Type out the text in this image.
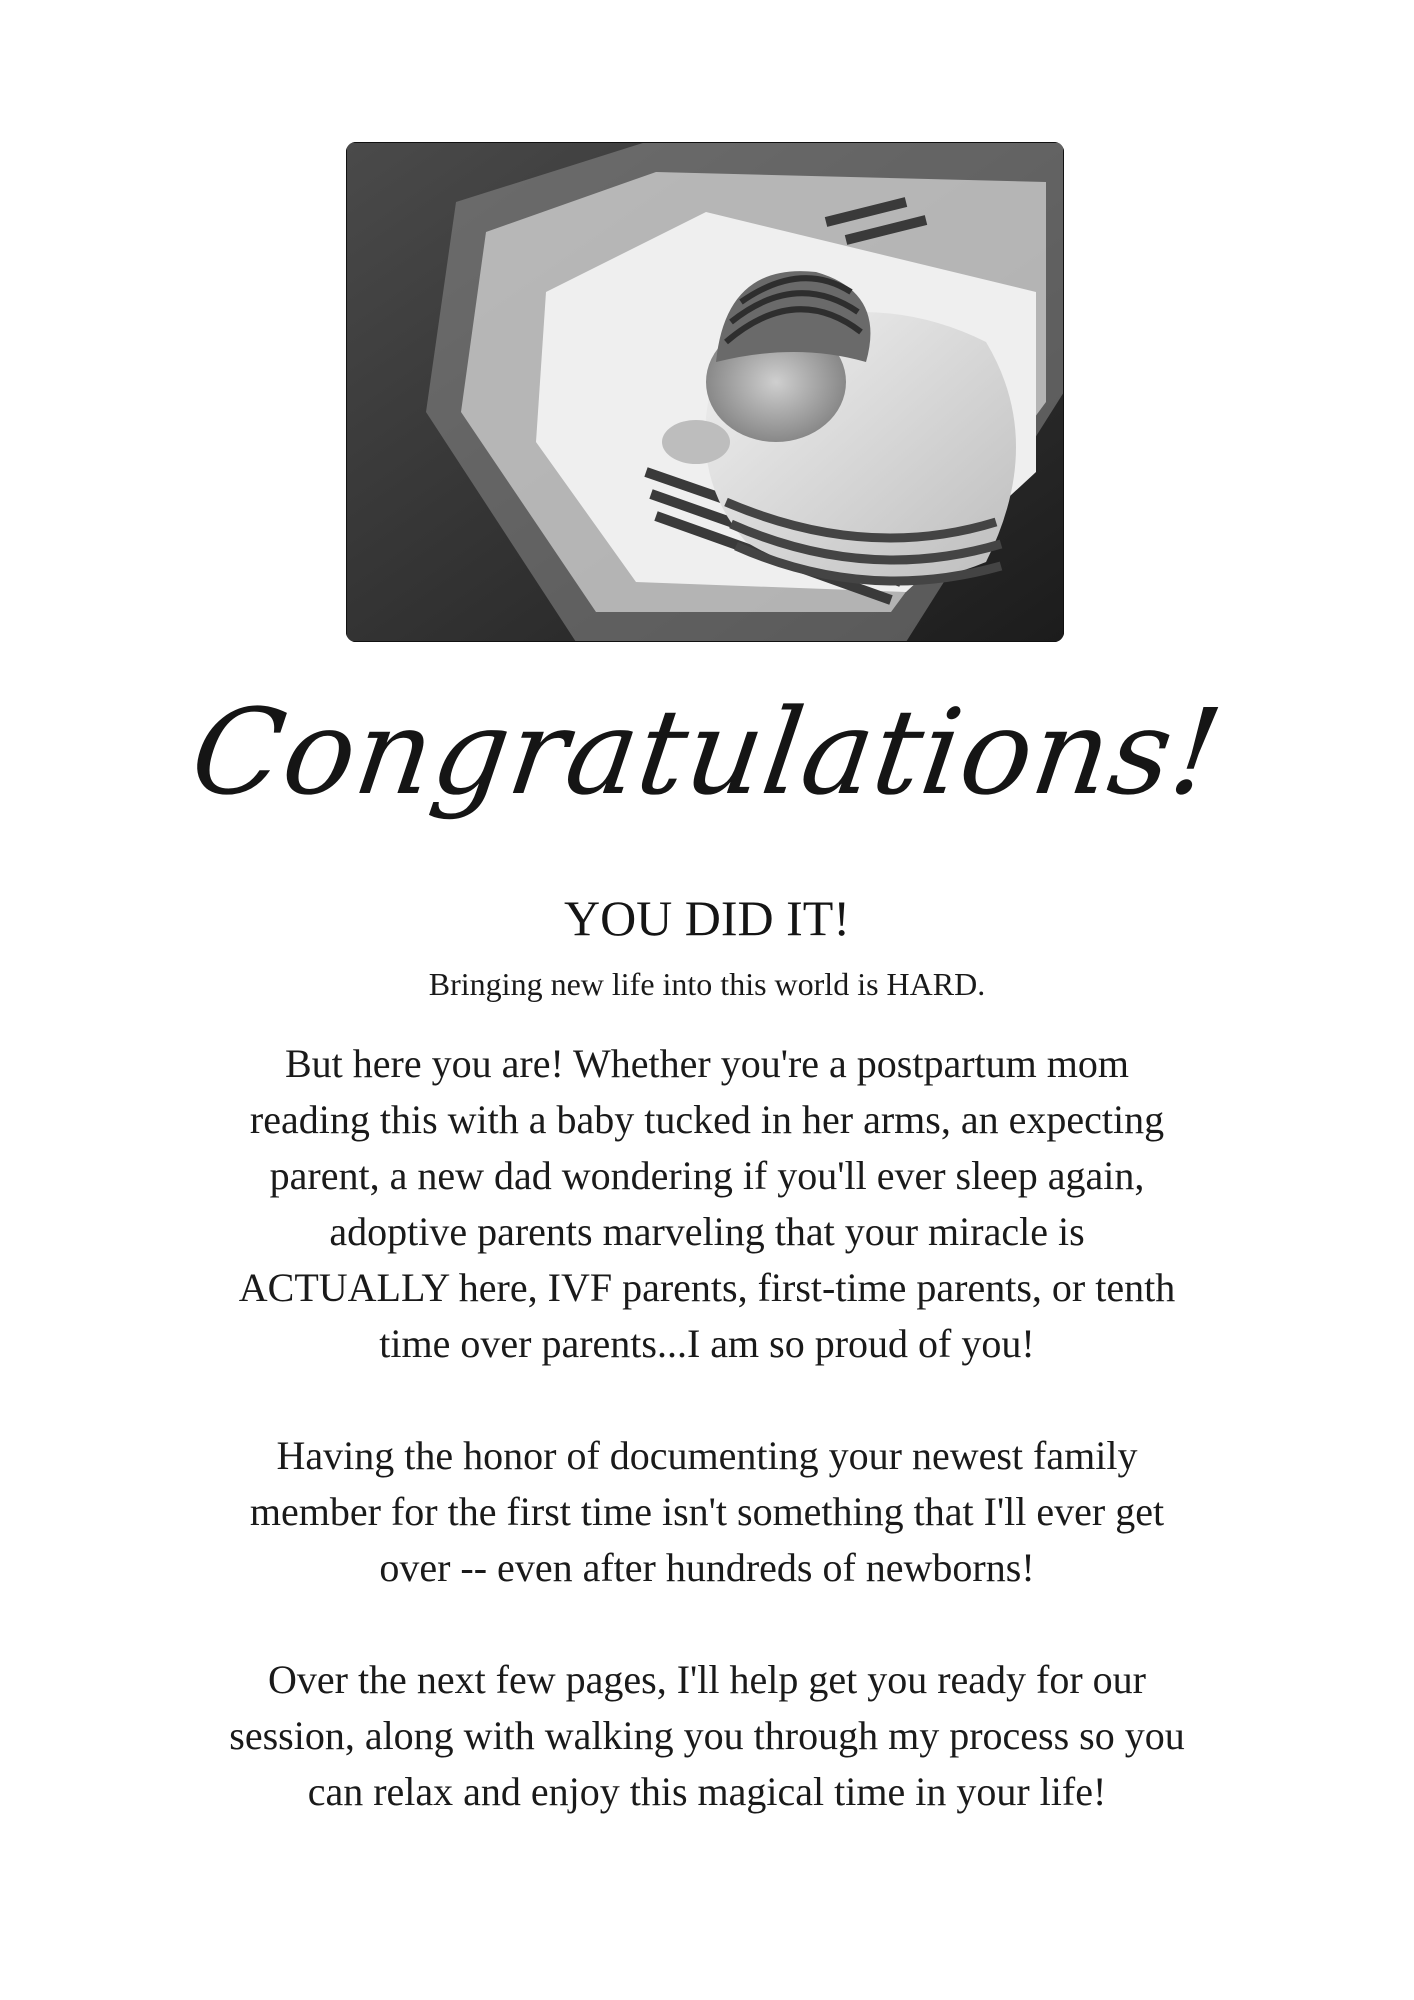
Congratulations!
YOU DID IT!
Bringing new life into this world is HARD.

But here you are! Whether you're a postpartum mom
reading this with a baby tucked in her arms, an expecting
parent, a new dad wondering if you'll ever sleep again,
adoptive parents marveling that your miracle is
ACTUALLY here, IVF parents, first-time parents, or tenth
time over parents...I am so proud of you!

Having the honor of documenting your newest family
member for the first time isn't something that I'll ever get
over -- even after hundreds of newborns!

Over the next few pages, I'll help get you ready for our
session, along with walking you through my process so you
can relax and enjoy this magical time in your life!
